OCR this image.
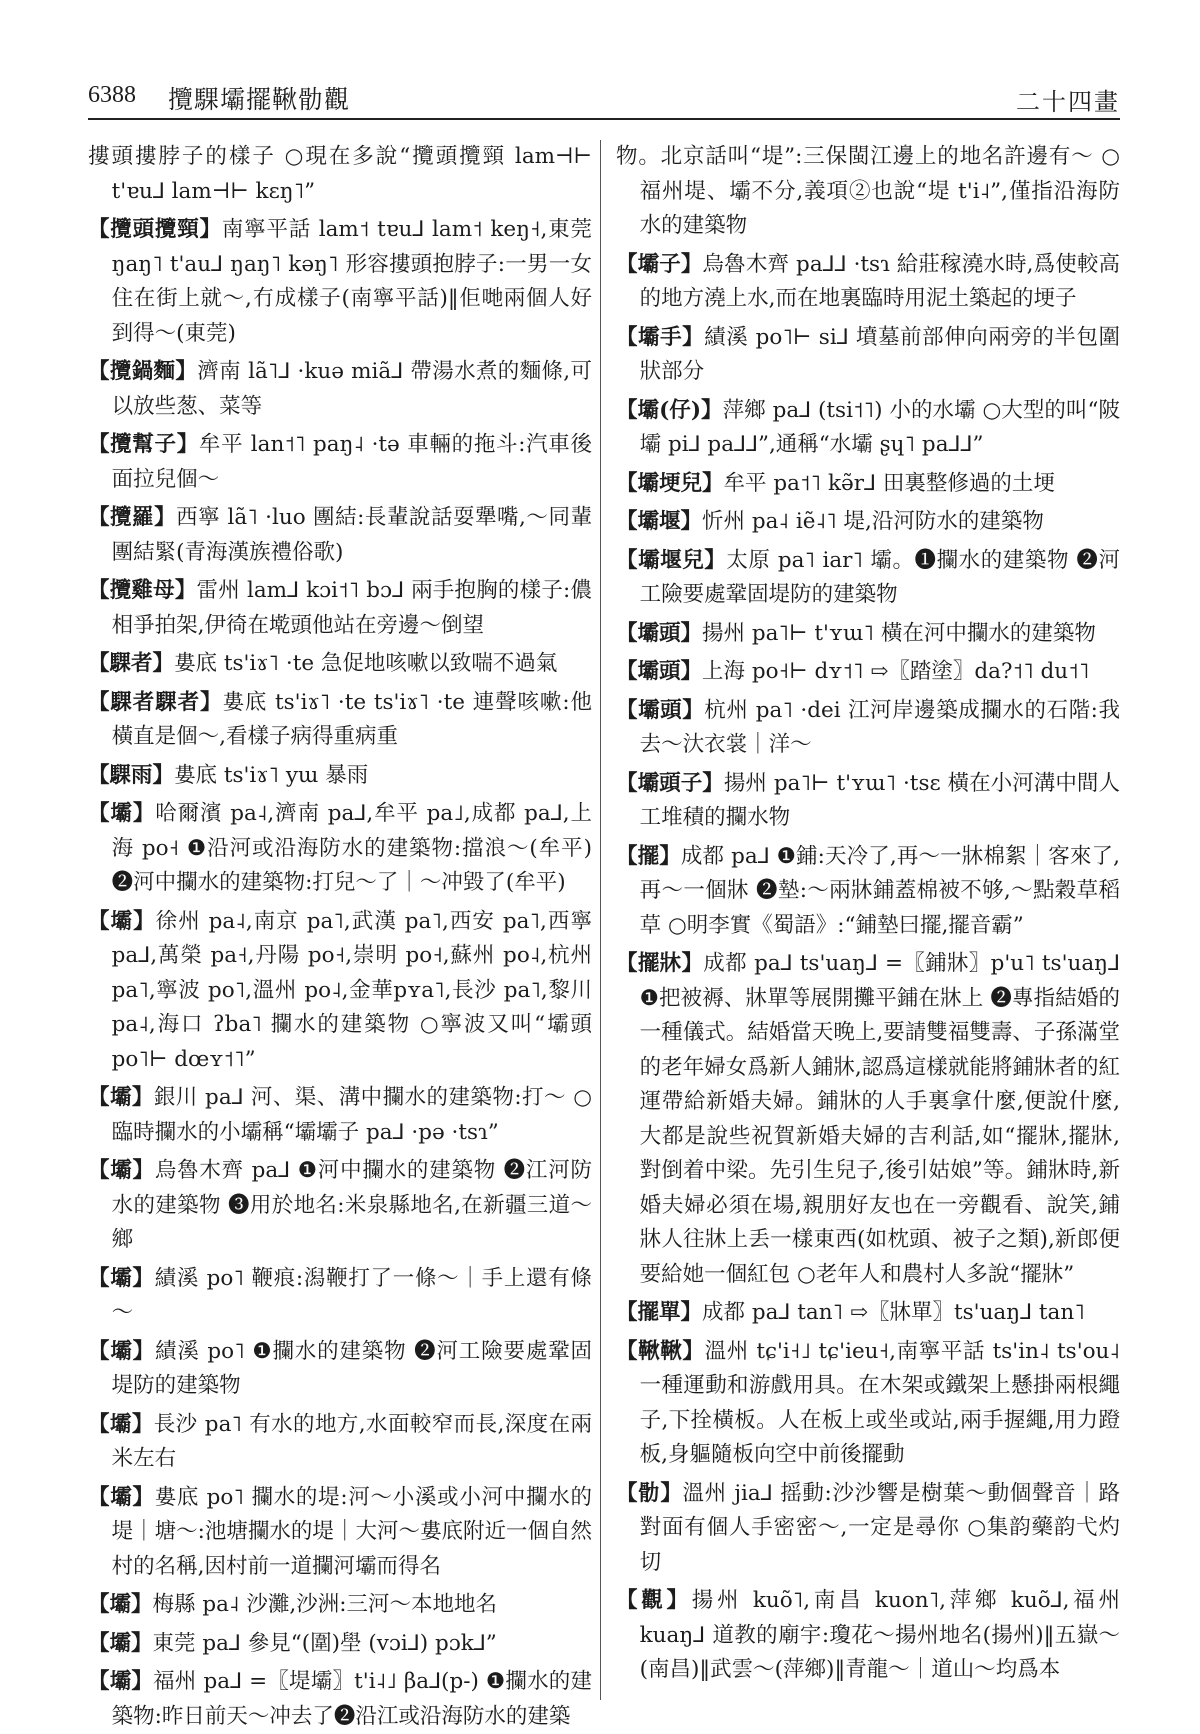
6388 攬騍壩擺鞦䯇觀	二十四畫
摟頭摟脖子的樣子 ○現在多說“攬頭攬頸 lam⊣⊢ t'ɐu⅃ lam⊣⊢ kɛŋ˥”
【攬頭攬頸】南寧平話 lam˦ tɐu⅃ lam˦ keŋ˧,東莞 ŋaŋ˥ t'au⅃ ŋaŋ˥ kəŋ˥ 形容摟頭抱脖子:一男一女住在街上就～,冇成樣子(南寧平話)‖佢哋兩個人好到得～(東莞)
【攬鍋麵】濟南 lã˥⅃ ·kuə miã⅃ 帶湯水煮的麵條,可以放些葱、菜等
【攬幫子】牟平 lan˦˥ paŋ˨ ·tə 車輛的拖斗:汽車後面拉兒個～
【攬羅】西寧 lã˥ ·luo 團結:長輩說話耍犟嘴,～同輩團結緊(青海漢族禮俗歌)
【攬雞母】雷州 lam⅃ kɔi˦˥ bɔ⅃ 兩手抱胸的樣子:儂相爭拍架,伊徛在墘頭他站在旁邊～倒望
【騍者】婁底 ts'iɤ˥ ·te 急促地咳嗽以致喘不過氣
【騍者騍者】婁底 ts'iɤ˥ ·te ts'iɤ˥ ·te 連聲咳嗽:他橫直是個～,看樣子病得重病重
【騍雨】婁底 ts'iɤ˥ yɯ 暴雨
【壩】哈爾濱 pa˨,濟南 pa⅃,牟平 pa˩,成都 pa⅃,上海 po˧ ❶沿河或沿海防水的建築物:擋浪～(牟平) ❷河中攔水的建築物:打兒～了｜～冲毀了(牟平)
【壩】徐州 pa˨,南京 pa˥,武漢 pa˥,西安 pa˥,西寧 pa⅃,萬榮 pa˧,丹陽 po˧,崇明 po˧,蘇州 po˨,杭州 pa˥,寧波 po˥,溫州 po˨,金華pʏa˥,長沙 pa˥,黎川 pa˨,海口 ʔba˥ 攔水的建築物 ○寧波又叫“壩頭 po˥⊢ dœʏ˦˥”
【壩】銀川 pa⅃ 河、渠、溝中攔水的建築物:打～ ○臨時攔水的小壩稱“壩壩子 pa⅃ ·pə ·tsɿ”
【壩】烏魯木齊 pa⅃ ❶河中攔水的建築物 ❷江河防水的建築物 ❸用於地名:米泉縣地名,在新疆三道～鄉
【壩】績溪 po˥ 鞭痕:潟鞭打了一條～｜手上還有條～
【壩】績溪 po˥ ❶攔水的建築物 ❷河工險要處鞏固堤防的建築物
【壩】長沙 pa˥ 有水的地方,水面較窄而長,深度在兩米左右
【壩】婁底 po˥ 攔水的堤:河～小溪或小河中攔水的堤｜塘～:池塘攔水的堤｜大河～婁底附近一個自然村的名稱,因村前一道攔河壩而得名
【壩】梅縣 pa˨ 沙灘,沙洲:三河～本地地名
【壩】東莞 pa⅃ 參見“(圍)壆 (vɔi⅃) pɔk⅃”
【壩】福州 pa⅃ =〖堤壩〗t'i˨˩ βa⅃(p-) ❶攔水的建築物:昨日前天～冲去了❷沿江或沿海防水的建築
物。北京話叫“堤”:三保閩江邊上的地名許邊有～ ○福州堤、壩不分,義項②也說“堤 t'i˨”,僅指沿海防水的建築物
【壩子】烏魯木齊 pa⅃⅃ ·tsɿ 給莊稼澆水時,爲使較高的地方澆上水,而在地裏臨時用泥土築起的埂子
【壩手】績溪 po˥⊢ si⅃ 墳墓前部伸向兩旁的半包圍狀部分
【壩(仔)】萍鄉 pa⅃ (tsi˦˥) 小的水壩 ○大型的叫“陂壩 pi⅃ pa⅃⅃”,通稱“水壩 ʂɥ˥ pa⅃⅃”
【壩埂兒】牟平 pa˦˥ kə̃r⅃ 田裏整修過的土埂
【壩堰】忻州 pa˨ iẽ˨˥ 堤,沿河防水的建築物
【壩堰兒】太原 pa˥ iar˥ 壩。❶攔水的建築物 ❷河工險要處鞏固堤防的建築物
【壩頭】揚州 pa˥⊢ t'ʏɯ˥ 橫在河中攔水的建築物
【壩頭】上海 po˧⊢ dʏ˦˥ ⇨〖踏塗〗da?˦˥ du˦˥
【壩頭】杭州 pa˥ ·dei 江河岸邊築成攔水的石階:我去～汏衣裳｜洋～
【壩頭子】揚州 pa˥⊢ t'ʏɯ˥ ·tsɛ 橫在小河溝中間人工堆積的攔水物
【擺】成都 pa⅃ ❶鋪:天冷了,再～一牀棉絮｜客來了,再～一個牀 ❷墊:～兩牀鋪蓋棉被不够,～點穀草稻草 ○明李實《蜀語》:“鋪墊曰擺,擺音霸”
【擺牀】成都 pa⅃ ts'uaŋ⅃ =〖鋪牀〗p'u˥ ts'uaŋ⅃ ❶把被褥、牀單等展開攤平鋪在牀上 ❷專指結婚的一種儀式。結婚當天晚上,要請雙福雙壽、子孫滿堂的老年婦女爲新人鋪牀,認爲這樣就能將鋪牀者的紅運帶給新婚夫婦。鋪牀的人手裏拿什麼,便說什麼,大都是說些祝賀新婚夫婦的吉利話,如“擺牀,擺牀,對倒着中梁。先引生兒子,後引姑娘”等。鋪牀時,新婚夫婦必須在場,親朋好友也在一旁觀看、說笑,鋪牀人往牀上丢一樣東西(如枕頭、被子之類),新郎便要給她一個紅包 ○老年人和農村人多說“擺牀”
【擺單】成都 pa⅃ tan˥ ⇨〖牀單〗ts'uaŋ⅃ tan˥
【鞦鞦】溫州 tɕ'i˧˩ tɕ'ieu˧,南寧平話 ts'in˨ ts'ou˨ 一種運動和游戲用具。在木架或鐵架上懸掛兩根繩子,下拴橫板。人在板上或坐或站,兩手握繩,用力蹬板,身軀隨板向空中前後擺動
【䯇】溫州 jia⅃ 摇動:沙沙響是樹葉～動個聲音｜路對面有個人手密密～,一定是尋你 ○集韵藥韵弋灼切
【觀】揚州 kuõ˥,南昌 kuon˥,萍鄉 kuõ⅃,福州 kuaŋ⅃ 道教的廟宇:瓊花～揚州地名(揚州)‖五嶽～(南昌)‖武雲～(萍鄉)‖青龍～｜道山～均爲本
